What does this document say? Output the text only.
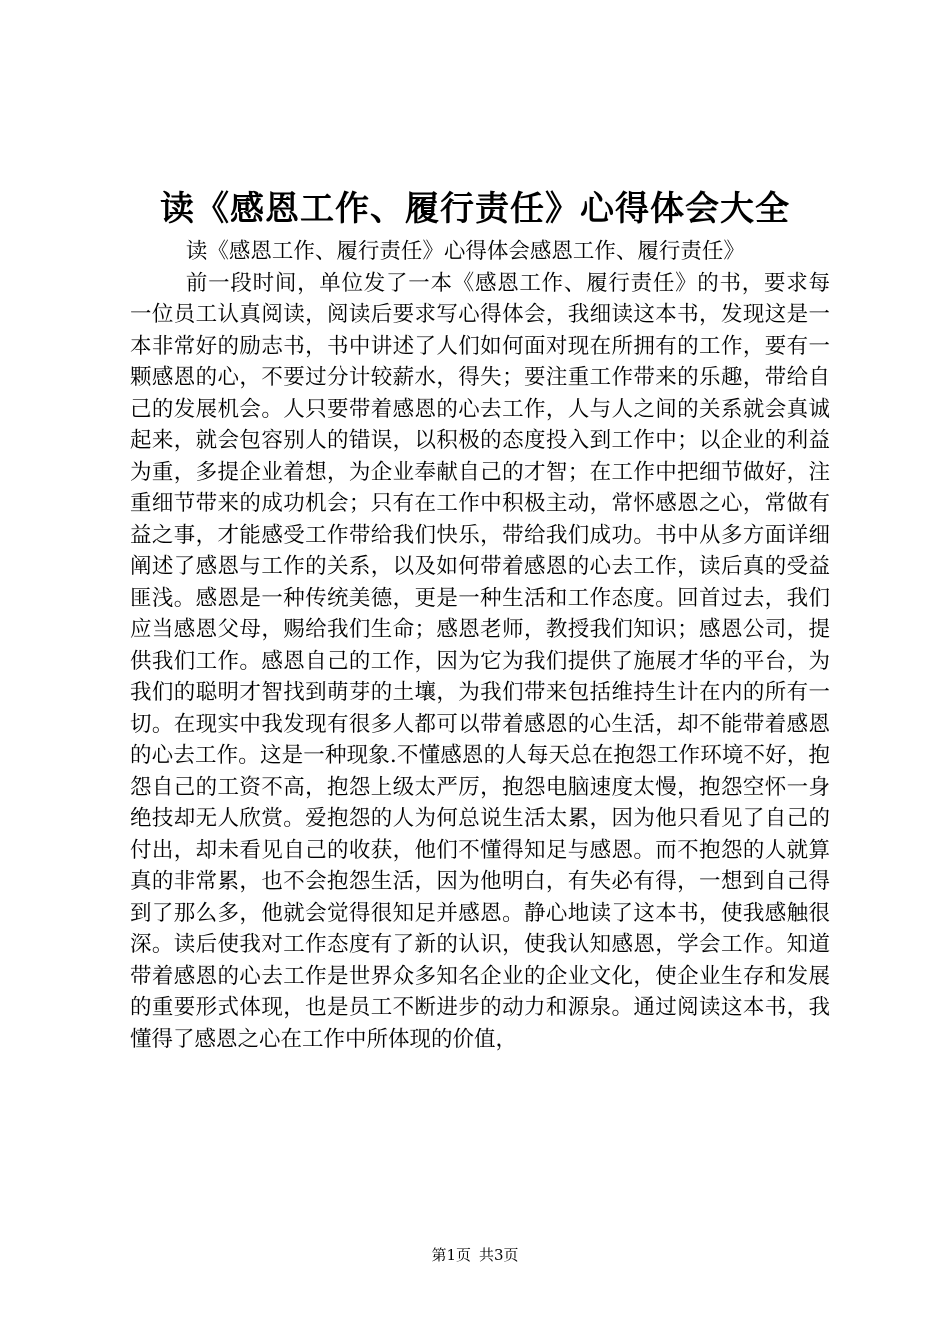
读《感恩工作、履行责任》心得体会大全

读《感恩工作、履行责任》心得体会感恩工作、履行责任》

前一段时间，单位发了一本《感恩工作、履行责任》的书，要求每一位员工认真阅读，阅读后要求写心得体会，我细读这本书，发现这是一本非常好的励志书，书中讲述了人们如何面对现在所拥有的工作，要有一颗感恩的心，不要过分计较薪水，得失；要注重工作带来的乐趣，带给自己的发展机会。人只要带着感恩的心去工作，人与人之间的关系就会真诚起来，就会包容别人的错误，以积极的态度投入到工作中；以企业的利益为重，多提企业着想，为企业奉献自己的才智；在工作中把细节做好，注重细节带来的成功机会；只有在工作中积极主动，常怀感恩之心，常做有益之事，才能感受工作带给我们快乐，带给我们成功。书中从多方面详细阐述了感恩与工作的关系，以及如何带着感恩的心去工作，读后真的受益匪浅。感恩是一种传统美德，更是一种生活和工作态度。回首过去，我们应当感恩父母，赐给我们生命；感恩老师，教授我们知识；感恩公司，提供我们工作。感恩自己的工作，因为它为我们提供了施展才华的平台，为我们的聪明才智找到萌芽的土壤，为我们带来包括维持生计在内的所有一切。在现实中我发现有很多人都可以带着感恩的心生活，却不能带着感恩的心去工作。这是一种现象.不懂感恩的人每天总在抱怨工作环境不好，抱怨自己的工资不高，抱怨上级太严厉，抱怨电脑速度太慢，抱怨空怀一身绝技却无人欣赏。爱抱怨的人为何总说生活太累，因为他只看见了自己的付出，却未看见自己的收获，他们不懂得知足与感恩。而不抱怨的人就算真的非常累，也不会抱怨生活，因为他明白，有失必有得，一想到自己得到了那么多，他就会觉得很知足并感恩。静心地读了这本书，使我感触很深。读后使我对工作态度有了新的认识，使我认知感恩，学会工作。知道带着感恩的心去工作是世界众多知名企业的企业文化，使企业生存和发展的重要形式体现，也是员工不断进步的动力和源泉。通过阅读这本书，我懂得了感恩之心在工作中所体现的价值，

第1页 共3页
